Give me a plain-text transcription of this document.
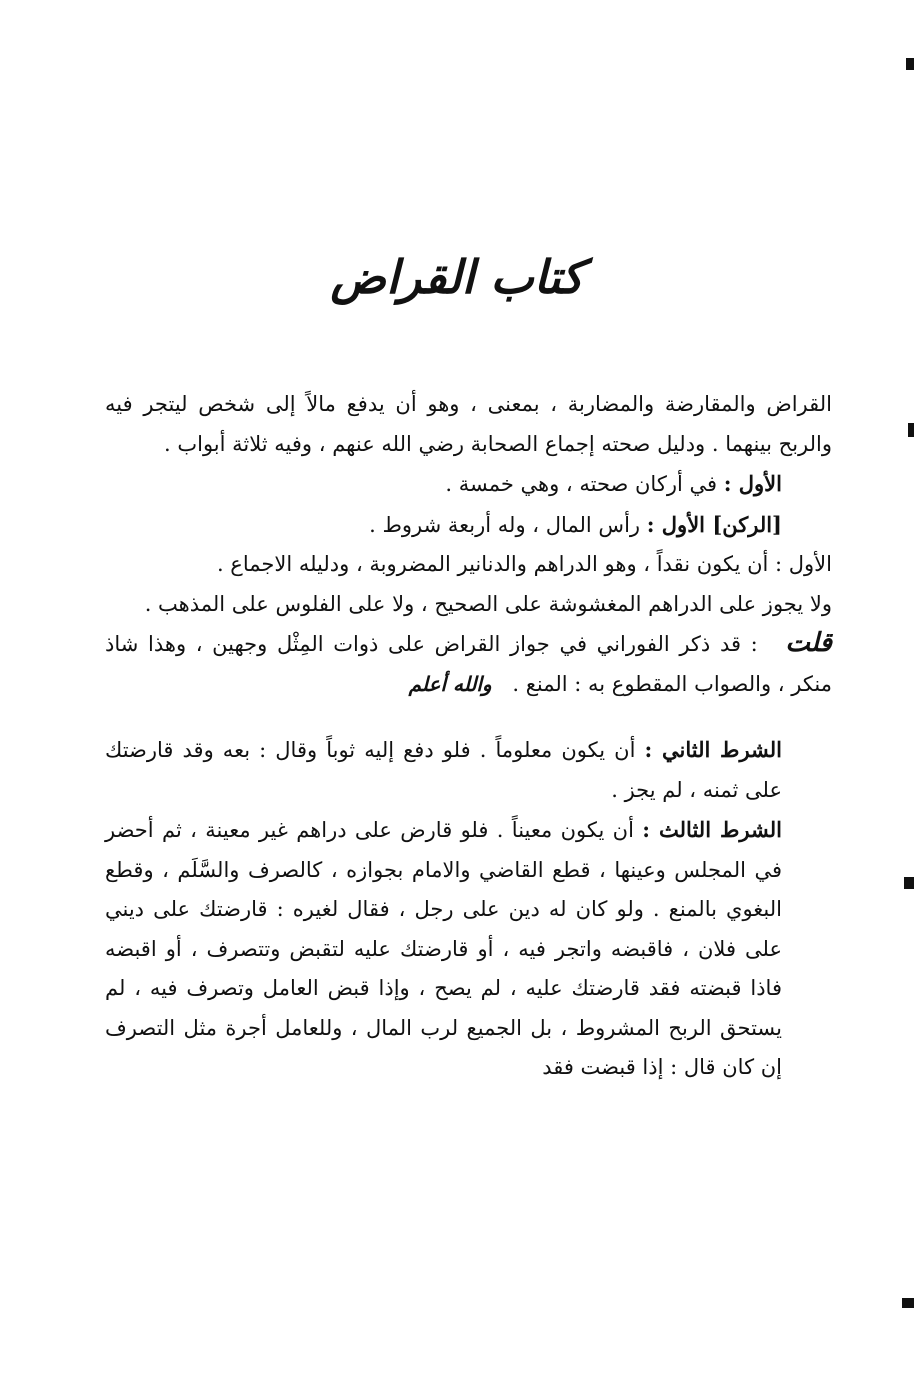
كتاب القراض

القراض والمقارضة والمضاربة ، بمعنى ، وهو أن يدفع مالاً إلى شخص ليتجر فيه والربح بينهما . ودليل صحته إجماع الصحابة رضي الله عنهم ، وفيه ثلاثة أبواب .

الأول : في أركان صحته ، وهي خمسة .

[الركن] الأول : رأس المال ، وله أربعة شروط .

الأول : أن يكون نقداً ، وهو الدراهم والدنانير المضروبة ، ودليله الاجماع .

ولا يجوز على الدراهم المغشوشة على الصحيح ، ولا على الفلوس على المذهب .

قلت : قد ذكر الفوراني في جواز القراض على ذوات المِثْل وجهين ، وهذا شاذ منكر ، والصواب المقطوع به : المنع . والله أعلم

الشرط الثاني : أن يكون معلوماً . فلو دفع إليه ثوباً وقال : بعه وقد قارضتك على ثمنه ، لم يجز .

الشرط الثالث : أن يكون معيناً . فلو قارض على دراهم غير معينة ، ثم أحضر في المجلس وعينها ، قطع القاضي والامام بجوازه ، كالصرف والسَّلَم ، وقطع البغوي بالمنع . ولو كان له دين على رجل ، فقال لغيره : قارضتك على ديني على فلان ، فاقبضه واتجر فيه ، أو قارضتك عليه لتقبض وتتصرف ، أو اقبضه فاذا قبضته فقد قارضتك عليه ، لم يصح ، وإذا قبض العامل وتصرف فيه ، لم يستحق الربح المشروط ، بل الجميع لرب المال ، وللعامل أجرة مثل التصرف إن كان قال : إذا قبضت فقد
